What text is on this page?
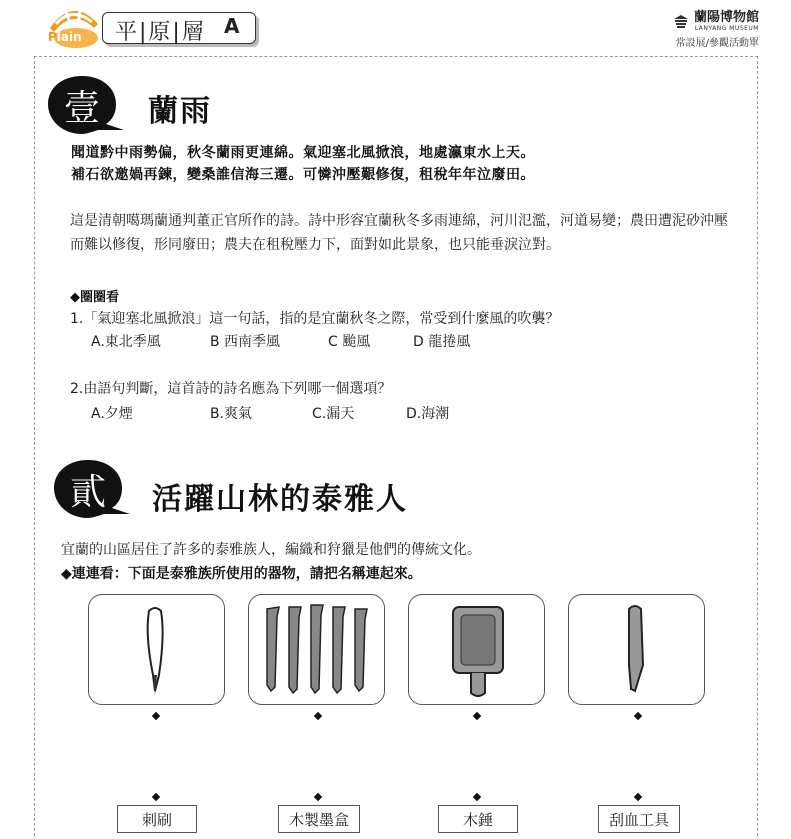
Plain 平|原|層 A	蘭陽博物館
LANYANG MUSEUM
常設展/參觀活動單
壹	蘭雨
聞道黔中雨勢偏，秋冬蘭雨更連綿。氣迎塞北風掀浪，地處瀛東水上天。
補石欲邀媧再鍊，變桑誰信海三遷。可憐沖壓艱修復，租稅年年泣廢田。
這是清朝噶瑪蘭通判董正官所作的詩。詩中形容宜蘭秋冬多雨連綿，河川氾濫，河道易變；農田遭泥砂沖壓而難以修復，形同廢田；農夫在租稅壓力下，面對如此景象，也只能垂淚泣對。
◆圈圈看
1.「氣迎塞北風掀浪」這一句話，指的是宜蘭秋冬之際，常受到什麼風的吹襲？
A.東北季風	B 西南季風	C 颱風	D 龍捲風
2.由語句判斷，這首詩的詩名應為下列哪一個選項？
A.夕煙	B.爽氣	C.漏天	D.海潮
貳	活躍山林的泰雅人
宜蘭的山區居住了許多的泰雅族人，編織和狩獵是他們的傳統文化。
◆連連看：下面是泰雅族所使用的器物，請把名稱連起來。
刺刷	木製墨盒	木錘	刮血工具
